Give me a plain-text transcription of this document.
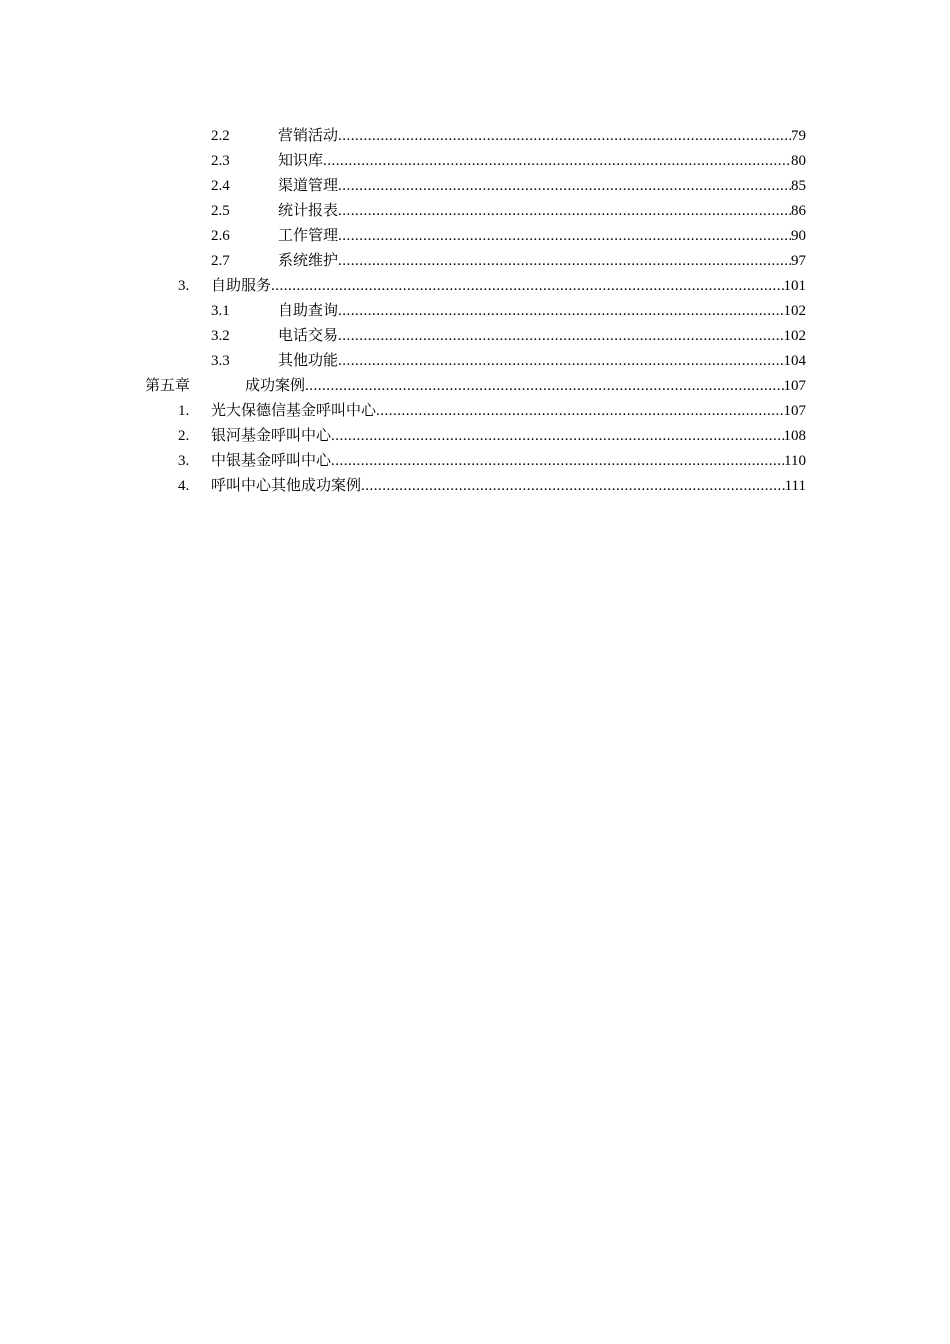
2.2	营销活动 .....	79
2.3	知识库 .....	80
2.4	渠道管理 .....	85
2.5	统计报表 .....	86
2.6	工作管理 .....	90
2.7	系统维护 .....	97
3. 自助服务 .....	101
3.1	自助查询 .....	102
3.2	电话交易 .....	102
3.3	其他功能 .....	104
第五章	成功案例 .....	107
1. 光大保德信基金呼叫中心 .....	107
2. 银河基金呼叫中心 .....	108
3. 中银基金呼叫中心 .....	110
4. 呼叫中心其他成功案例 .....	111
